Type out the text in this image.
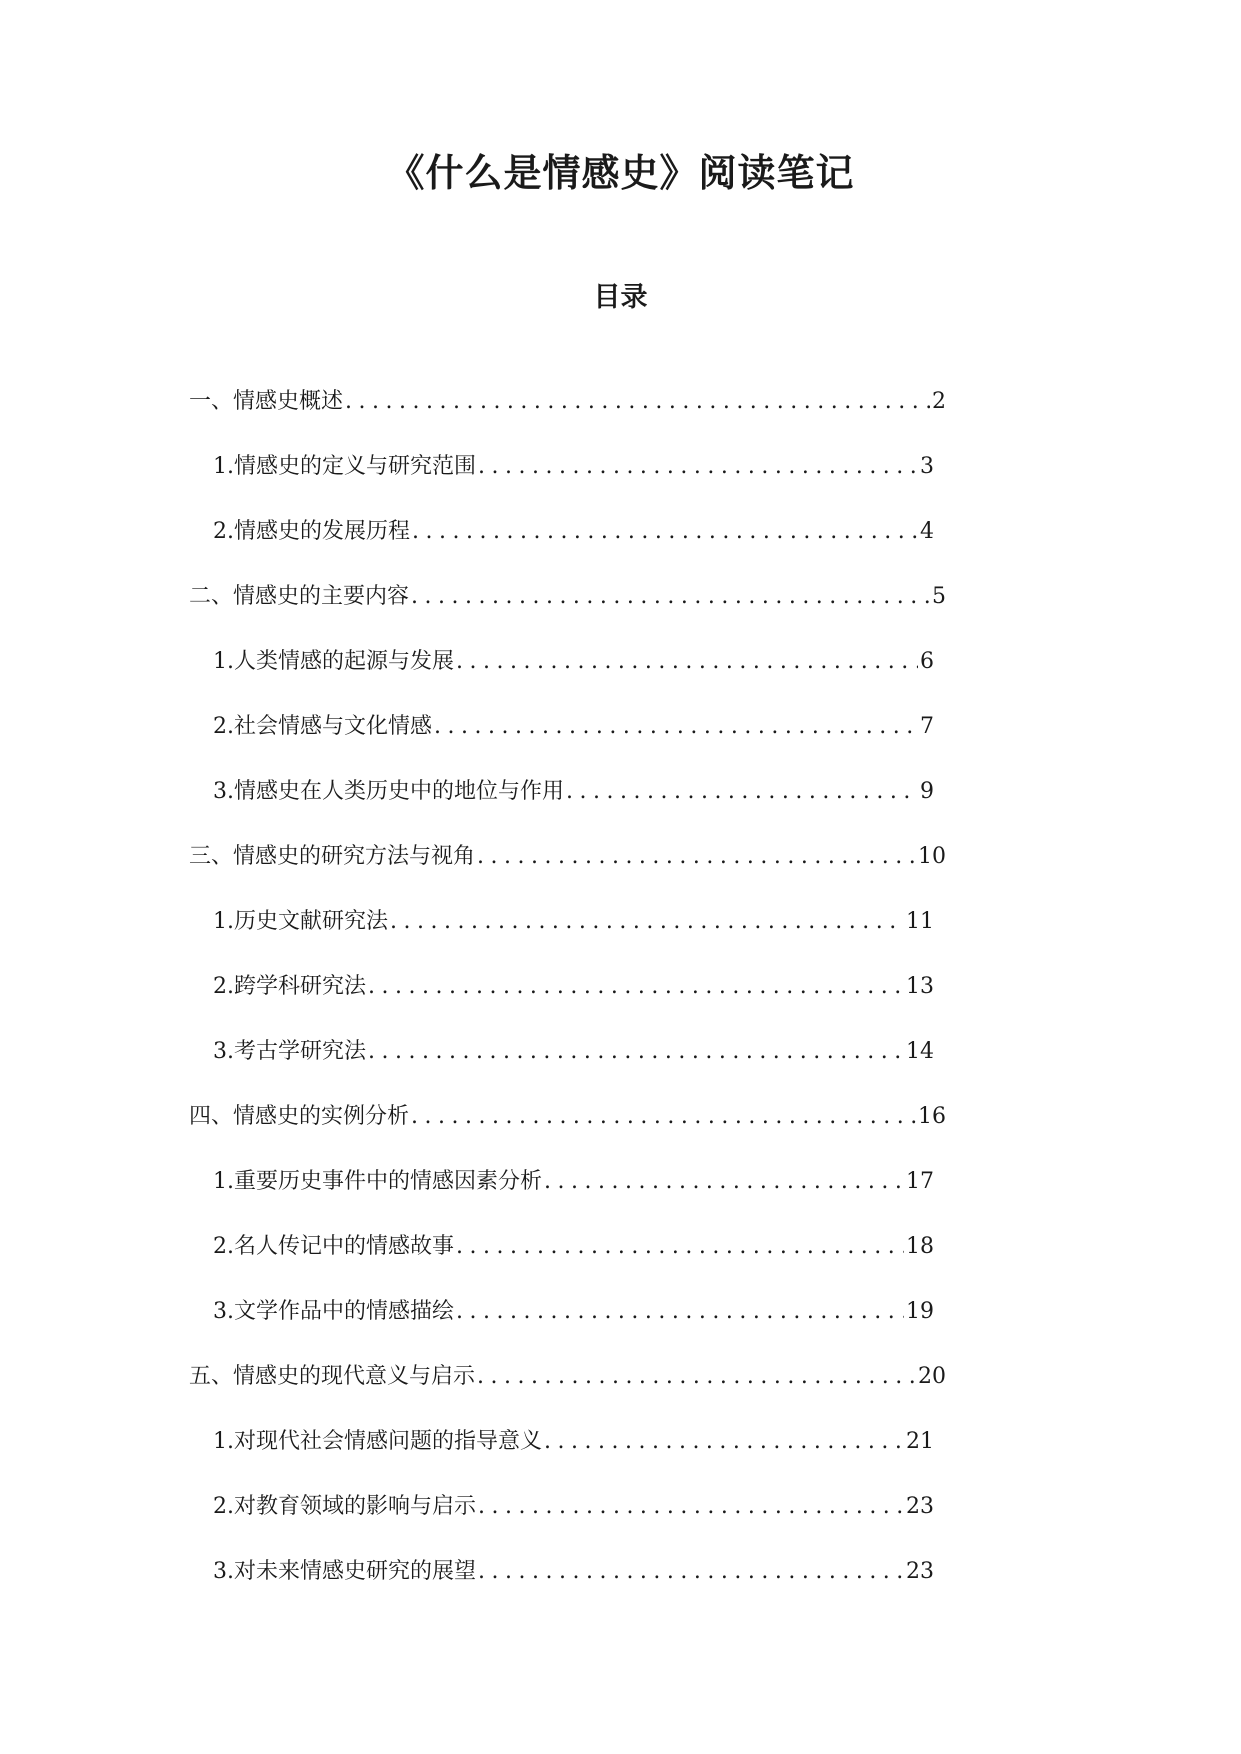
《什么是情感史》阅读笔记
目录
一、情感史概述 .....	2
1. 情感史的定义与研究范围 .....	3
2. 情感史的发展历程 .....	4
二、情感史的主要内容 .....	5
1. 人类情感的起源与发展 .....	6
2. 社会情感与文化情感 .....	7
3. 情感史在人类历史中的地位与作用 .....	9
三、情感史的研究方法与视角 .....	10
1. 历史文献研究法 .....	11
2. 跨学科研究法 .....	13
3. 考古学研究法 .....	14
四、情感史的实例分析 .....	16
1. 重要历史事件中的情感因素分析 .....	17
2. 名人传记中的情感故事 .....	18
3. 文学作品中的情感描绘 .....	19
五、情感史的现代意义与启示 .....	20
1. 对现代社会情感问题的指导意义 .....	21
2. 对教育领域的影响与启示 .....	23
3. 对未来情感史研究的展望 .....	23
